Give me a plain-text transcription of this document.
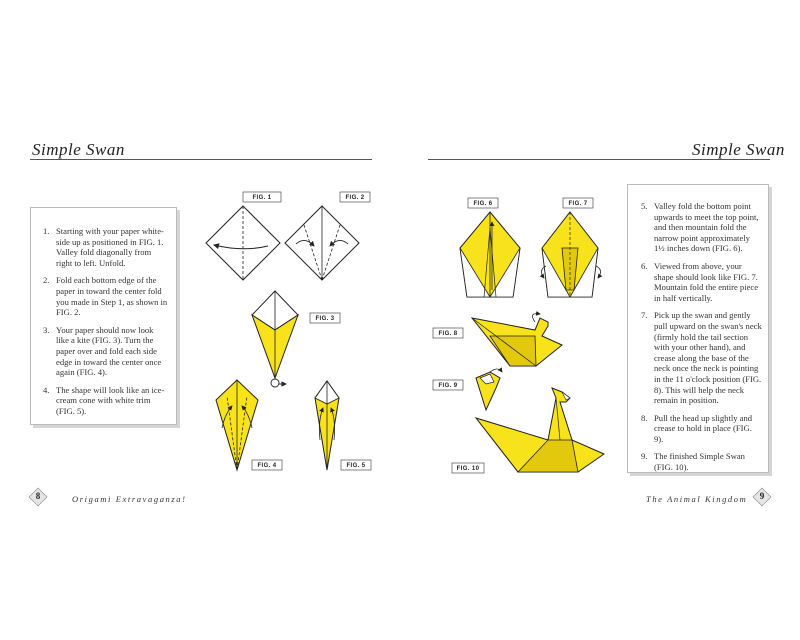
Simple Swan
1. Starting with your paper white-side up as positioned in FIG. 1. Valley fold diagonally from right to left. Unfold.
2. Fold each bottom edge of the paper in toward the center fold you made in Step 1, as shown in FIG. 2.
3. Your paper should now look like a kite (FIG. 3). Turn the paper over and fold each side edge in toward the center once again (FIG. 4).
4. The shape will look like an ice-cream cone with white trim (FIG. 5).
FIG. 1	FIG. 2
FIG. 3
FIG. 4	FIG. 5
8	Origami Extravaganza!
Simple Swan
5. Valley fold the bottom point upwards to meet the top point, and then mountain fold the narrow point approximately 1½ inches down (FIG. 6).
6. Viewed from above, your shape should look like FIG. 7. Mountain fold the entire piece in half vertically.
7. Pick up the swan and gently pull upward on the swan's neck (firmly hold the tail section with your other hand), and crease along the base of the neck once the neck is pointing in the 11 o'clock position (FIG. 8). This will help the neck remain in position.
8. Pull the head up slightly and crease to hold in place (FIG. 9).
9. The finished Simple Swan (FIG. 10).
FIG. 6	FIG. 7
FIG. 8
FIG. 9
FIG. 10
9
The Animal Kingdom
